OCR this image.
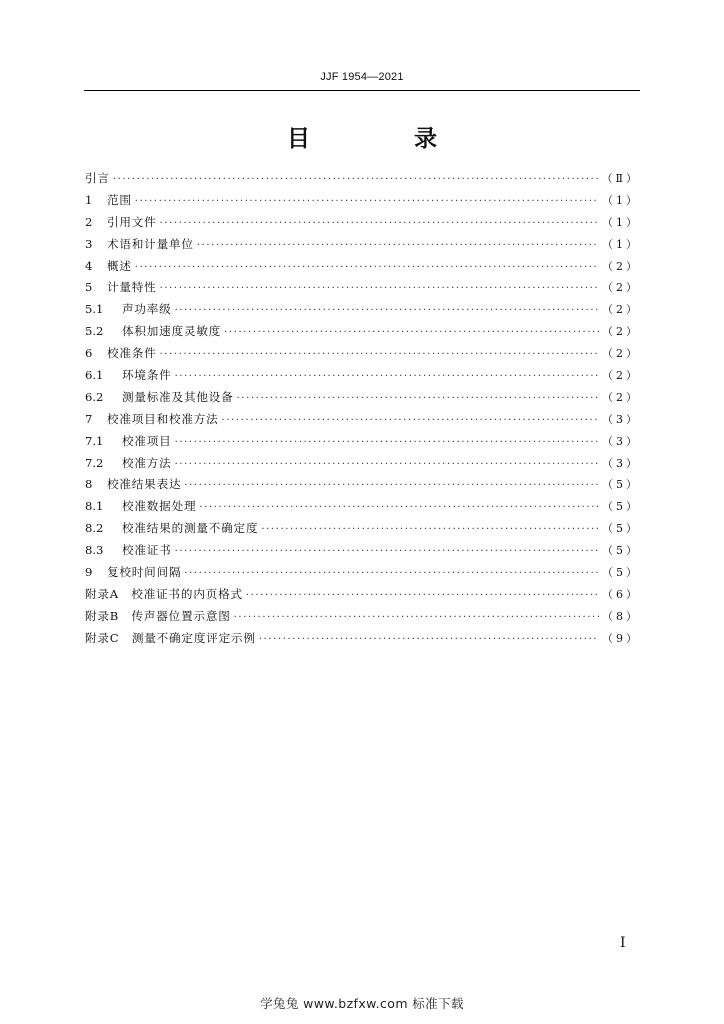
JJF 1954—2021
目 录
引言 ·····	（Ⅱ）
1	范围 ·····	（1）
2	引用文件 ·····	（1）
3	术语和计量单位 ·····	（1）
4	概述 ·····	（2）
5	计量特性 ·····	（2）
5.1	声功率级 ·····	（2）
5.2	体积加速度灵敏度 ·····	（2）
6	校准条件 ·····	（2）
6.1	环境条件 ·····	（2）
6.2	测量标准及其他设备 ·····	（2）
7	校准项目和校准方法 ·····	（3）
7.1	校准项目 ·····	（3）
7.2	校准方法 ·····	（3）
8	校准结果表达 ·····	（5）
8.1	校准数据处理 ·····	（5）
8.2	校准结果的测量不确定度 ·····	（5）
8.3	校准证书 ·····	（5）
9	复校时间间隔 ·····	（5）
附录A　校准证书的内页格式 ·····	（6）
附录B　传声器位置示意图 ·····	（8）
附录C　测量不确定度评定示例 ·····	（9）
I
学兔兔 www.bzfxw.com 标准下载
